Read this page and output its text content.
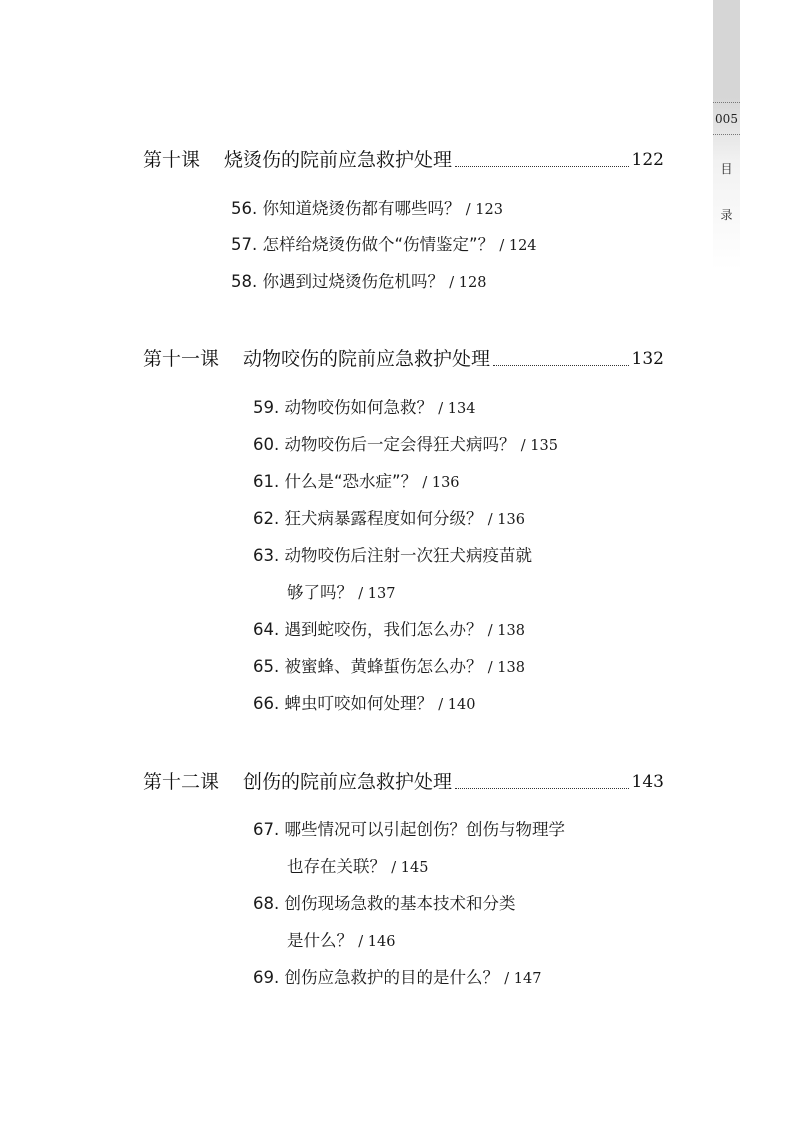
005
目
录
第十课 烧烫伤的院前应急救护处理	122
56. 你知道烧烫伤都有哪些吗？ / 123
57. 怎样给烧烫伤做个“伤情鉴定”？ / 124
58. 你遇到过烧烫伤危机吗？ / 128
第十一课 动物咬伤的院前应急救护处理	132
59. 动物咬伤如何急救？ / 134
60. 动物咬伤后一定会得狂犬病吗？ / 135
61. 什么是“恐水症”？ / 136
62. 狂犬病暴露程度如何分级？ / 136
63. 动物咬伤后注射一次狂犬病疫苗就
够了吗？ / 137
64. 遇到蛇咬伤，我们怎么办？ / 138
65. 被蜜蜂、黄蜂蜇伤怎么办？ / 138
66. 蜱虫叮咬如何处理？ / 140
第十二课 创伤的院前应急救护处理	143
67. 哪些情况可以引起创伤？创伤与物理学
也存在关联？ / 145
68. 创伤现场急救的基本技术和分类
是什么？ / 146
69. 创伤应急救护的目的是什么？ / 147
